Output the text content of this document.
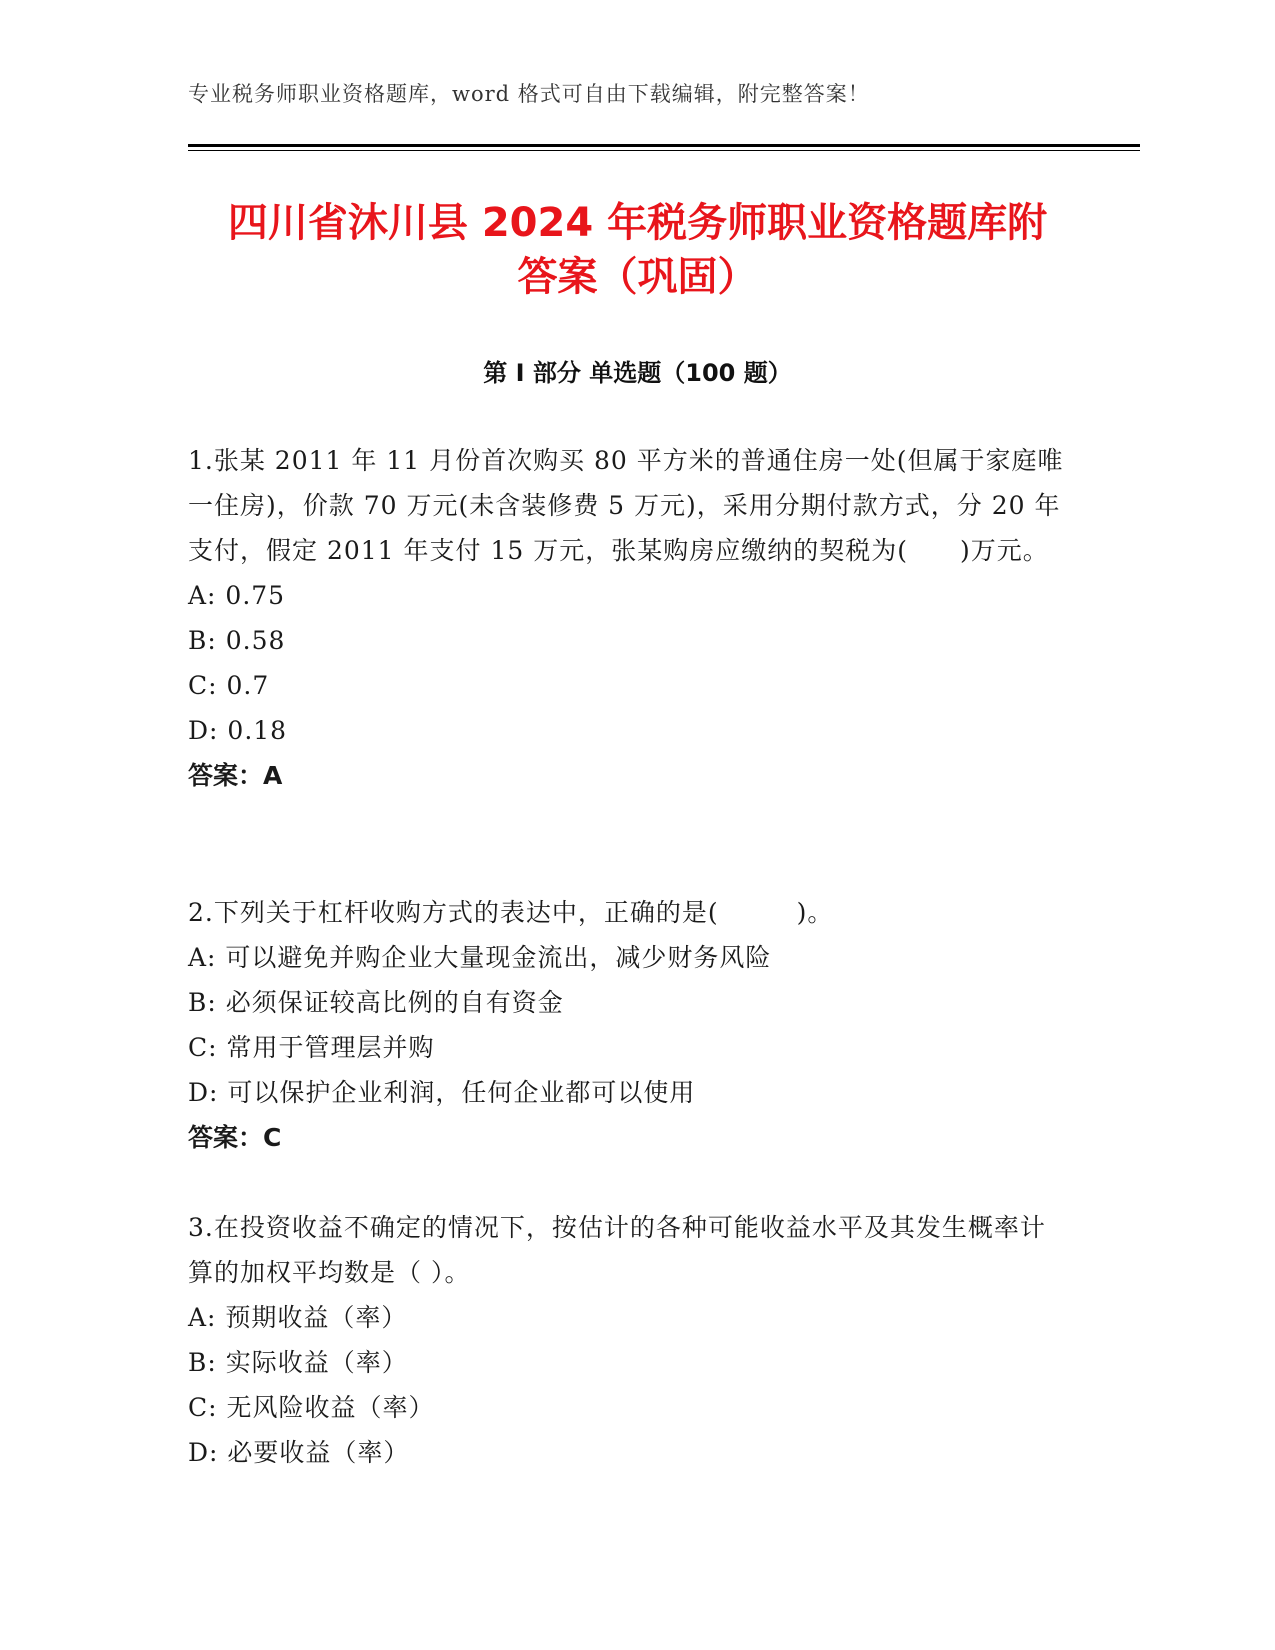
专业税务师职业资格题库，word 格式可自由下载编辑，附完整答案！
四川省沐川县 2024 年税务师职业资格题库附
答案（巩固）
第 I 部分 单选题（100 题）

1.张某 2011 年 11 月份首次购买 80 平方米的普通住房一处(但属于家庭唯一住房)，价款 70 万元(未含装修费 5 万元)，采用分期付款方式，分 20 年支付，假定 2011 年支付 15 万元，张某购房应缴纳的契税为(　　)万元。

A: 0.75

B: 0.58

C: 0.7

D: 0.18

答案：A

2.下列关于杠杆收购方式的表达中，正确的是(　　　)。

A: 可以避免并购企业大量现金流出，减少财务风险

B: 必须保证较高比例的自有资金

C: 常用于管理层并购

D: 可以保护企业利润，任何企业都可以使用

答案：C

3.在投资收益不确定的情况下，按估计的各种可能收益水平及其发生概率计算的加权平均数是（ ）。

A: 预期收益（率）

B: 实际收益（率）

C: 无风险收益（率）

D: 必要收益（率）
